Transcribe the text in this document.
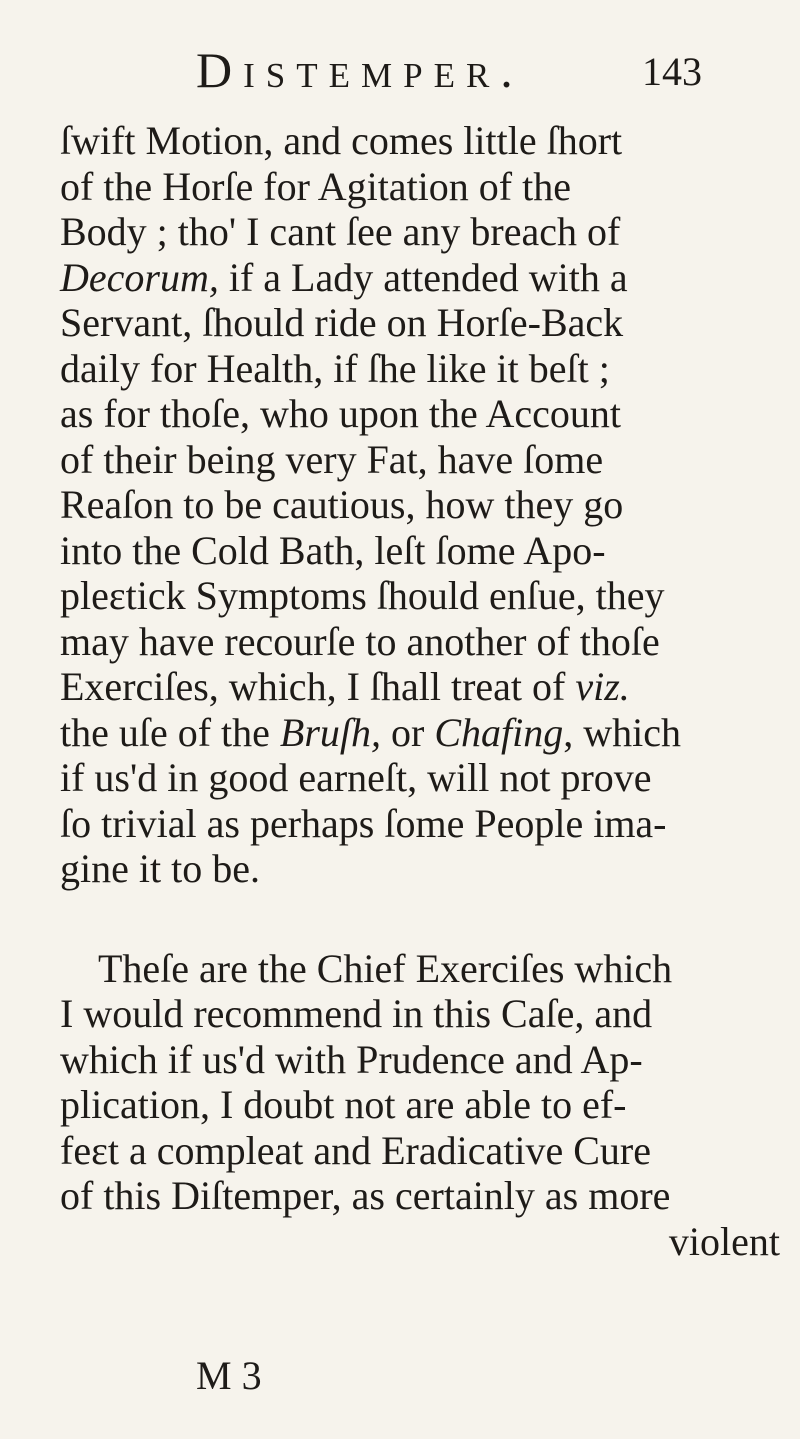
Distemper.	143
ſwift Motion, and comes little ſhort
of the Horſe for Agitation of the
Body ; tho' I cant ſee any breach of
Decorum, if a Lady attended with a
Servant, ſhould ride on Horſe-Back
daily for Health, if ſhe like it beſt ;
as for thoſe, who upon the Account
of their being very Fat, have ſome
Reaſon to be cautious, how they go
into the Cold Bath, leſt ſome Apo-
pleɛtick Symptoms ſhould enſue, they
may have recourſe to another of thoſe
Exerciſes, which, I ſhall treat of viz.
the uſe of the Bruſh, or Chafing, which
if us'd in good earneſt, will not prove
ſo trivial as perhaps ſome People ima-
gine it to be.
Theſe are the Chief Exerciſes which
I would recommend in this Caſe, and
which if us'd with Prudence and Ap-
plication, I doubt not are able to ef-
feɛt a compleat and Eradicative Cure
of this Diſtemper, as certainly as more
violent
M 3
